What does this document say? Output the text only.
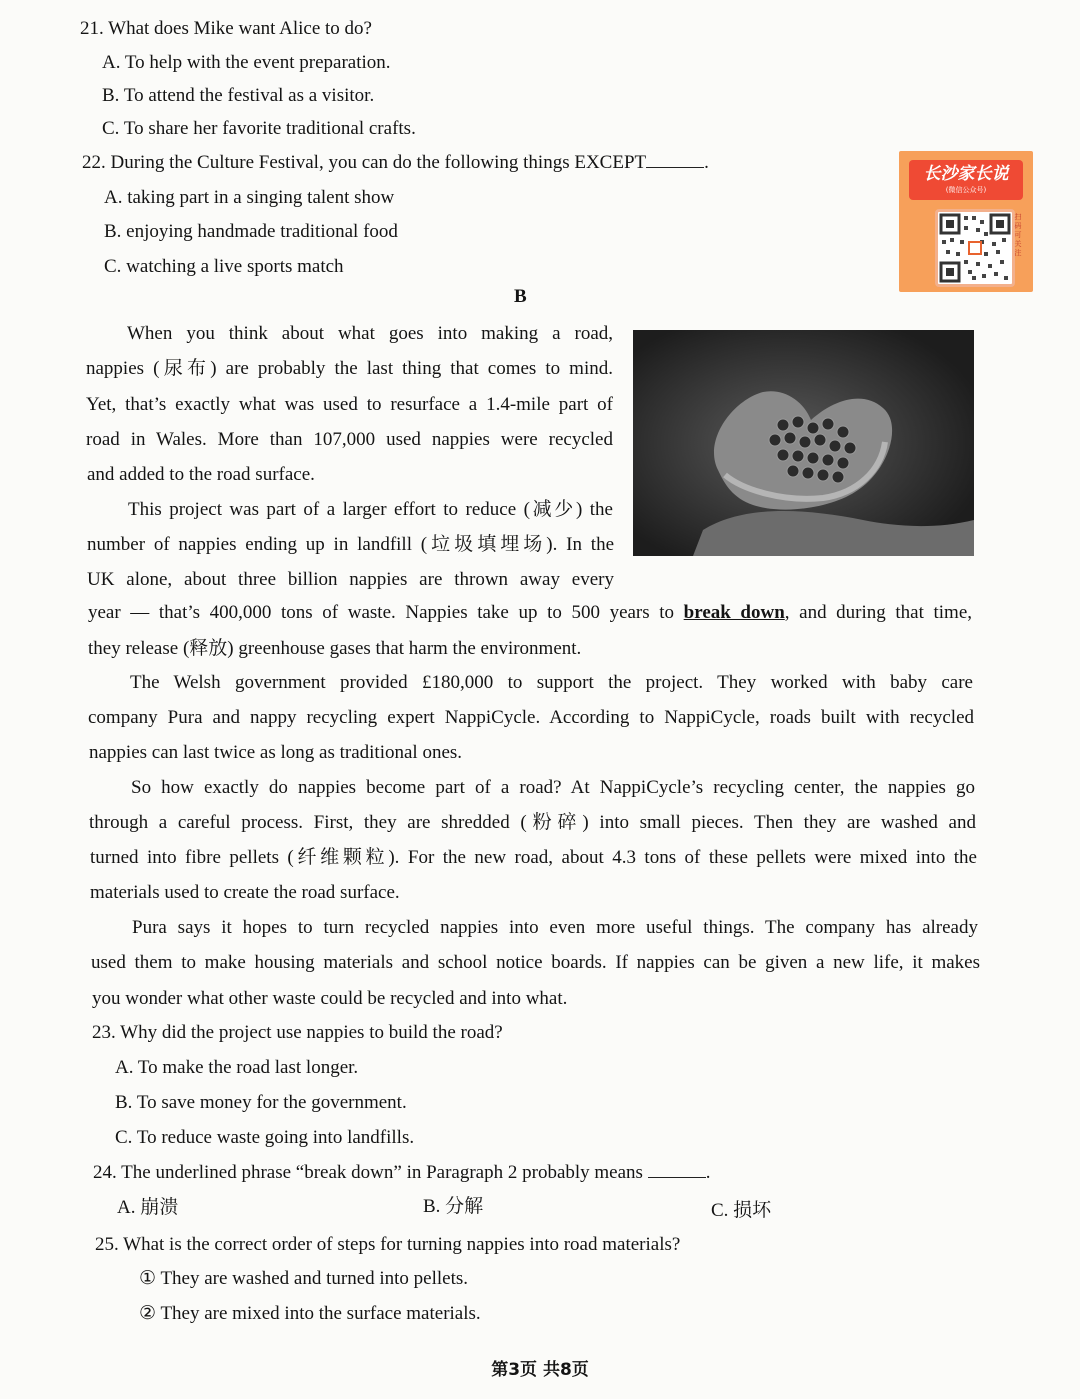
21. What does Mike want Alice to do?
A. To help with the event preparation.
B. To attend the festival as a visitor.
C. To share her favorite traditional crafts.
22. During the Culture Festival, you can do the following things EXCEPT	.
A. taking part in a singing talent show
B. enjoying handmade traditional food
C. watching a live sports match
长沙家长说
(微信公众号)
扫码可关注
B
When you think about what goes into making a road,
nappies (尿布) are probably the last thing that comes to mind.
Yet, that’s exactly what was used to resurface a 1.4-mile part of
road in Wales. More than 107,000 used nappies were recycled
and added to the road surface.
This project was part of a larger effort to reduce (减少) the
number of nappies ending up in landfill (垃圾填埋场). In the
UK alone, about three billion nappies are thrown away every
year — that’s 400,000 tons of waste. Nappies take up to 500 years to break down, and during that time,
they release (释放) greenhouse gases that harm the environment.
The Welsh government provided £180,000 to support the project. They worked with baby care
company Pura and nappy recycling expert NappiCycle. According to NappiCycle, roads built with recycled
nappies can last twice as long as traditional ones.
So how exactly do nappies become part of a road? At NappiCycle’s recycling center, the nappies go
through a careful process. First, they are shredded (粉碎) into small pieces. Then they are washed and
turned into fibre pellets (纤维颗粒). For the new road, about 4.3 tons of these pellets were mixed into the
materials used to create the road surface.
Pura says it hopes to turn recycled nappies into even more useful things. The company has already
used them to make housing materials and school notice boards. If nappies can be given a new life, it makes
you wonder what other waste could be recycled and into what.
23. Why did the project use nappies to build the road?
A. To make the road last longer.
B. To save money for the government.
C. To reduce waste going into landfills.
24. The underlined phrase “break down” in Paragraph 2 probably means	.
A. 崩溃	B. 分解	C. 损坏
25. What is the correct order of steps for turning nappies into road materials?
① They are washed and turned into pellets.
② They are mixed into the surface materials.
第3页 共8页
